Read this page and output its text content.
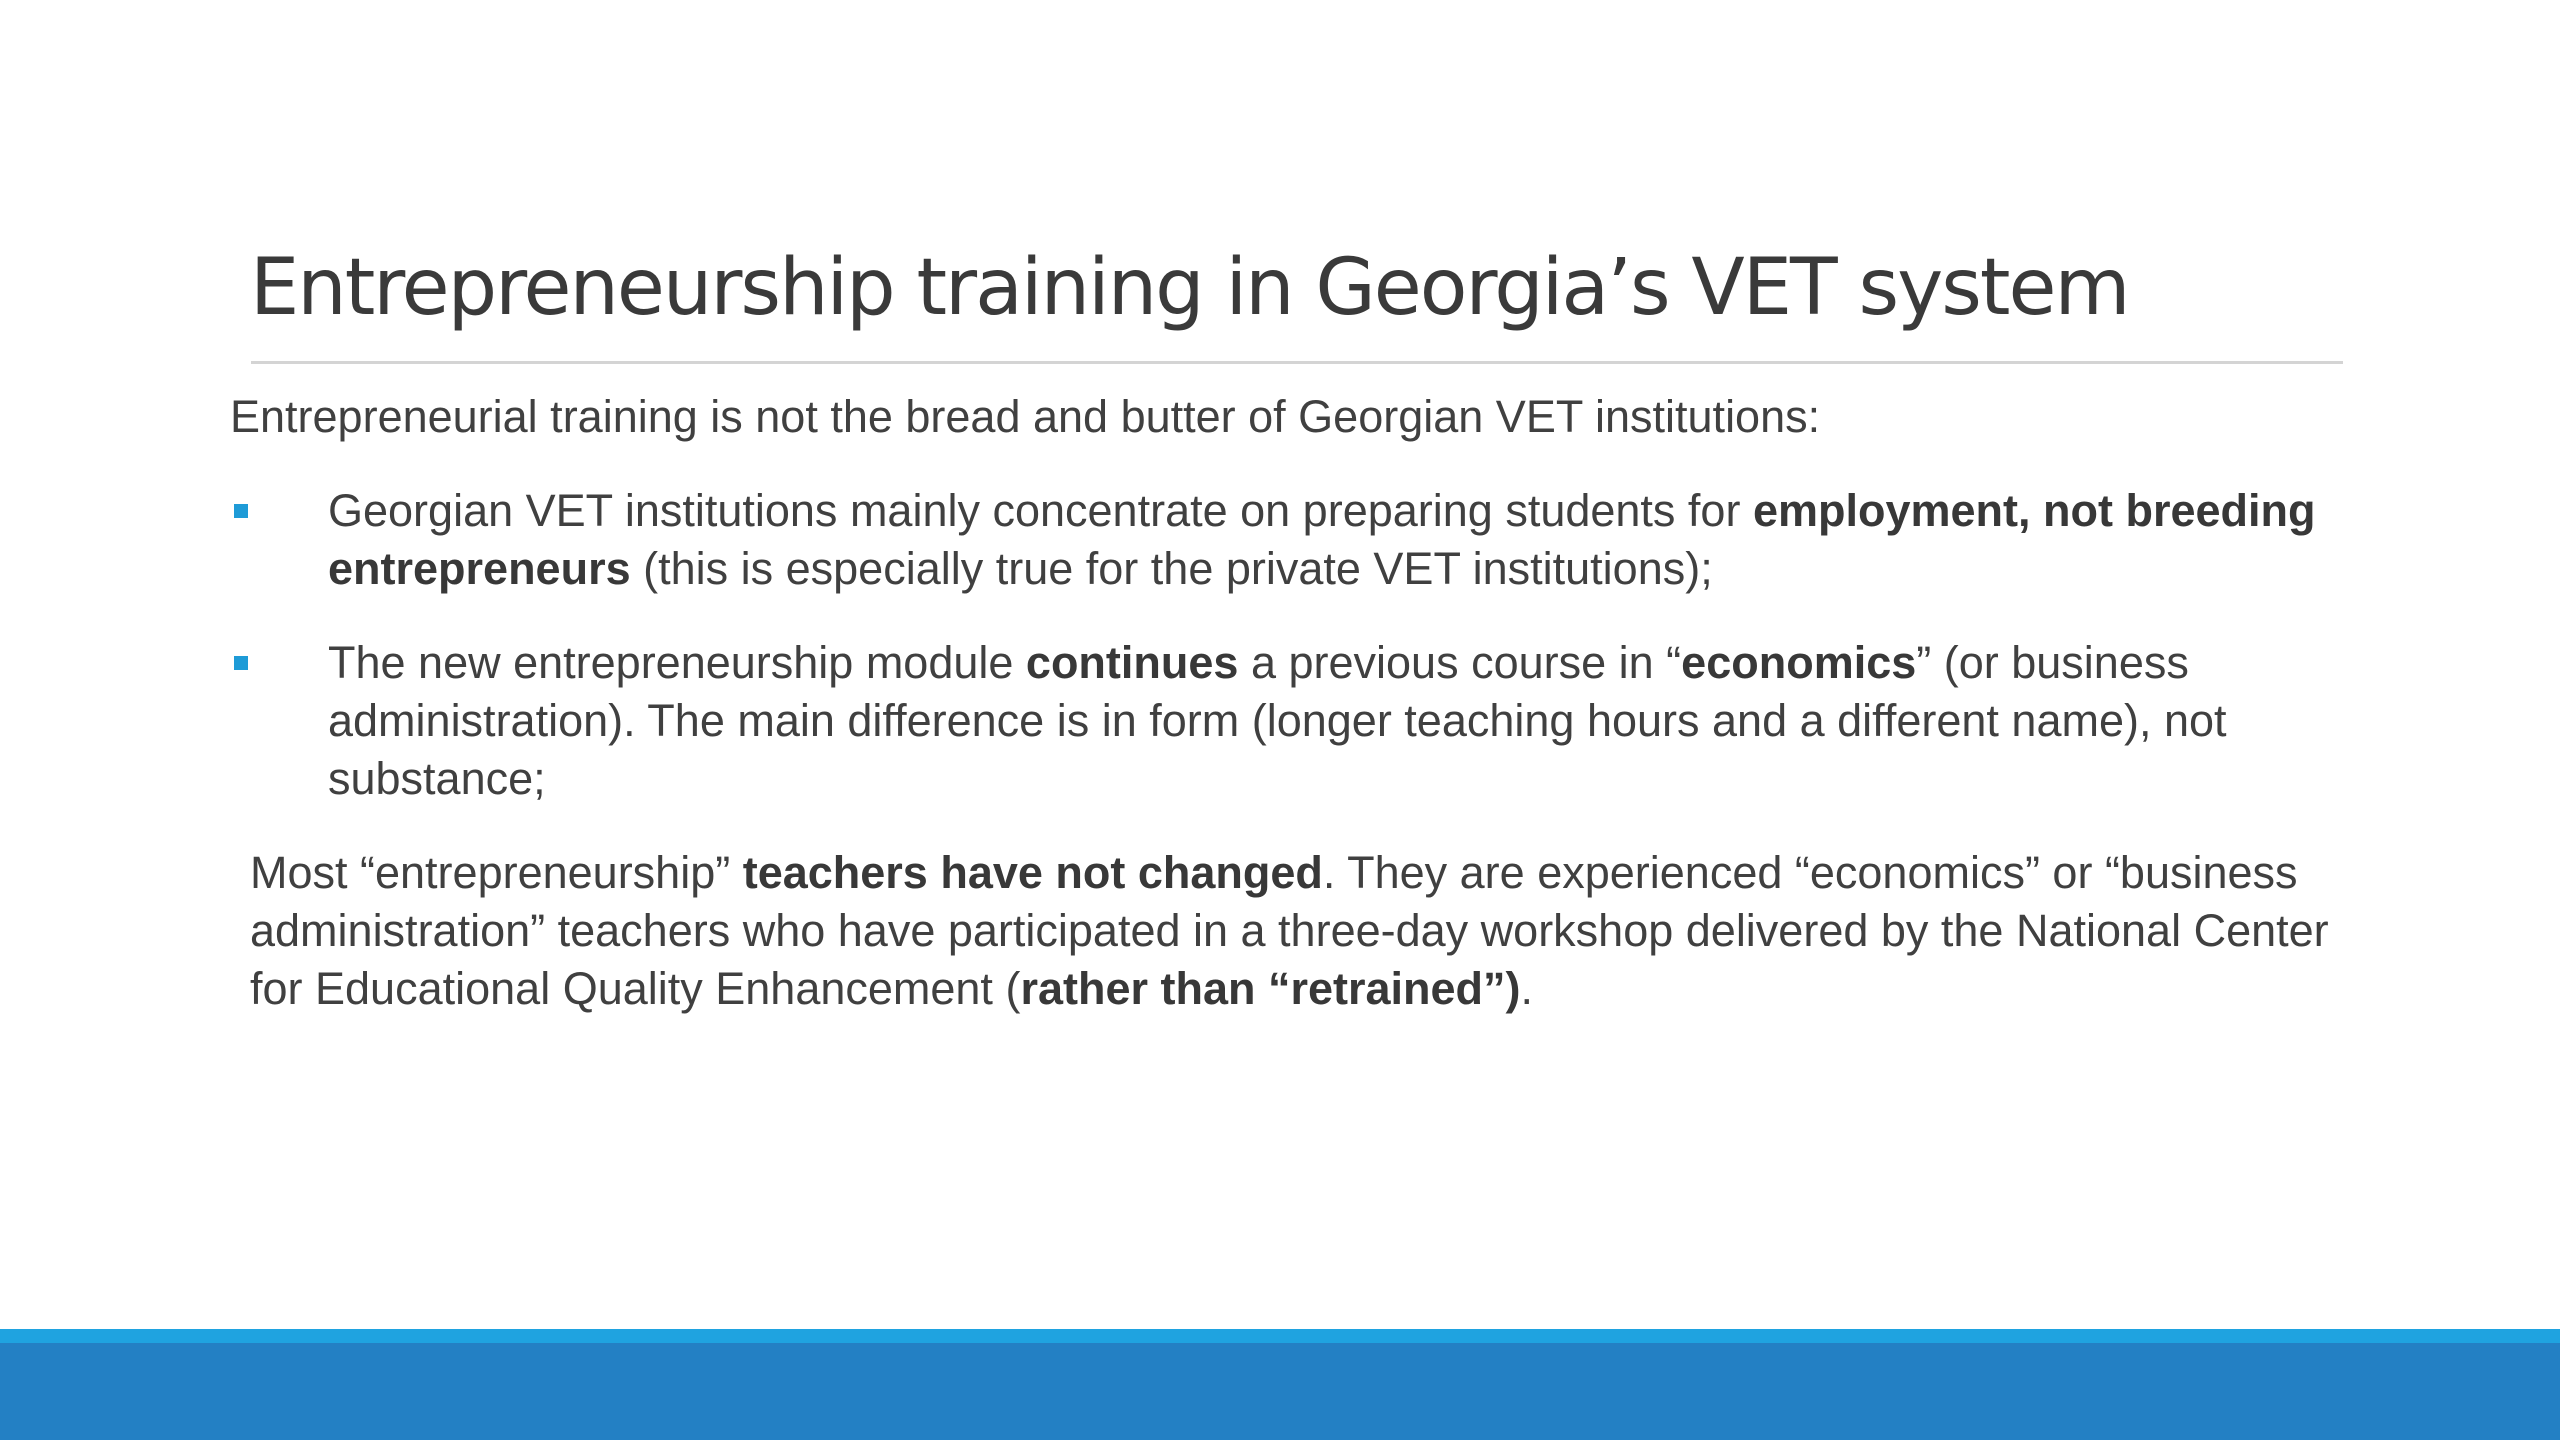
Entrepreneurship training in Georgia’s VET system

Entrepreneurial training is not the bread and butter of Georgian VET institutions:

Georgian VET institutions mainly concentrate on preparing students for employment, not breeding entrepreneurs (this is especially true for the private VET institutions);
The new entrepreneurship module continues a previous course in “economics” (or business administration). The main difference is in form (longer teaching hours and a different name), not substance;

Most “entrepreneurship” teachers have not changed. They are experienced “economics” or “business administration” teachers who have participated in a three-day workshop delivered by the National Center for Educational Quality Enhancement (rather than “retrained”).
